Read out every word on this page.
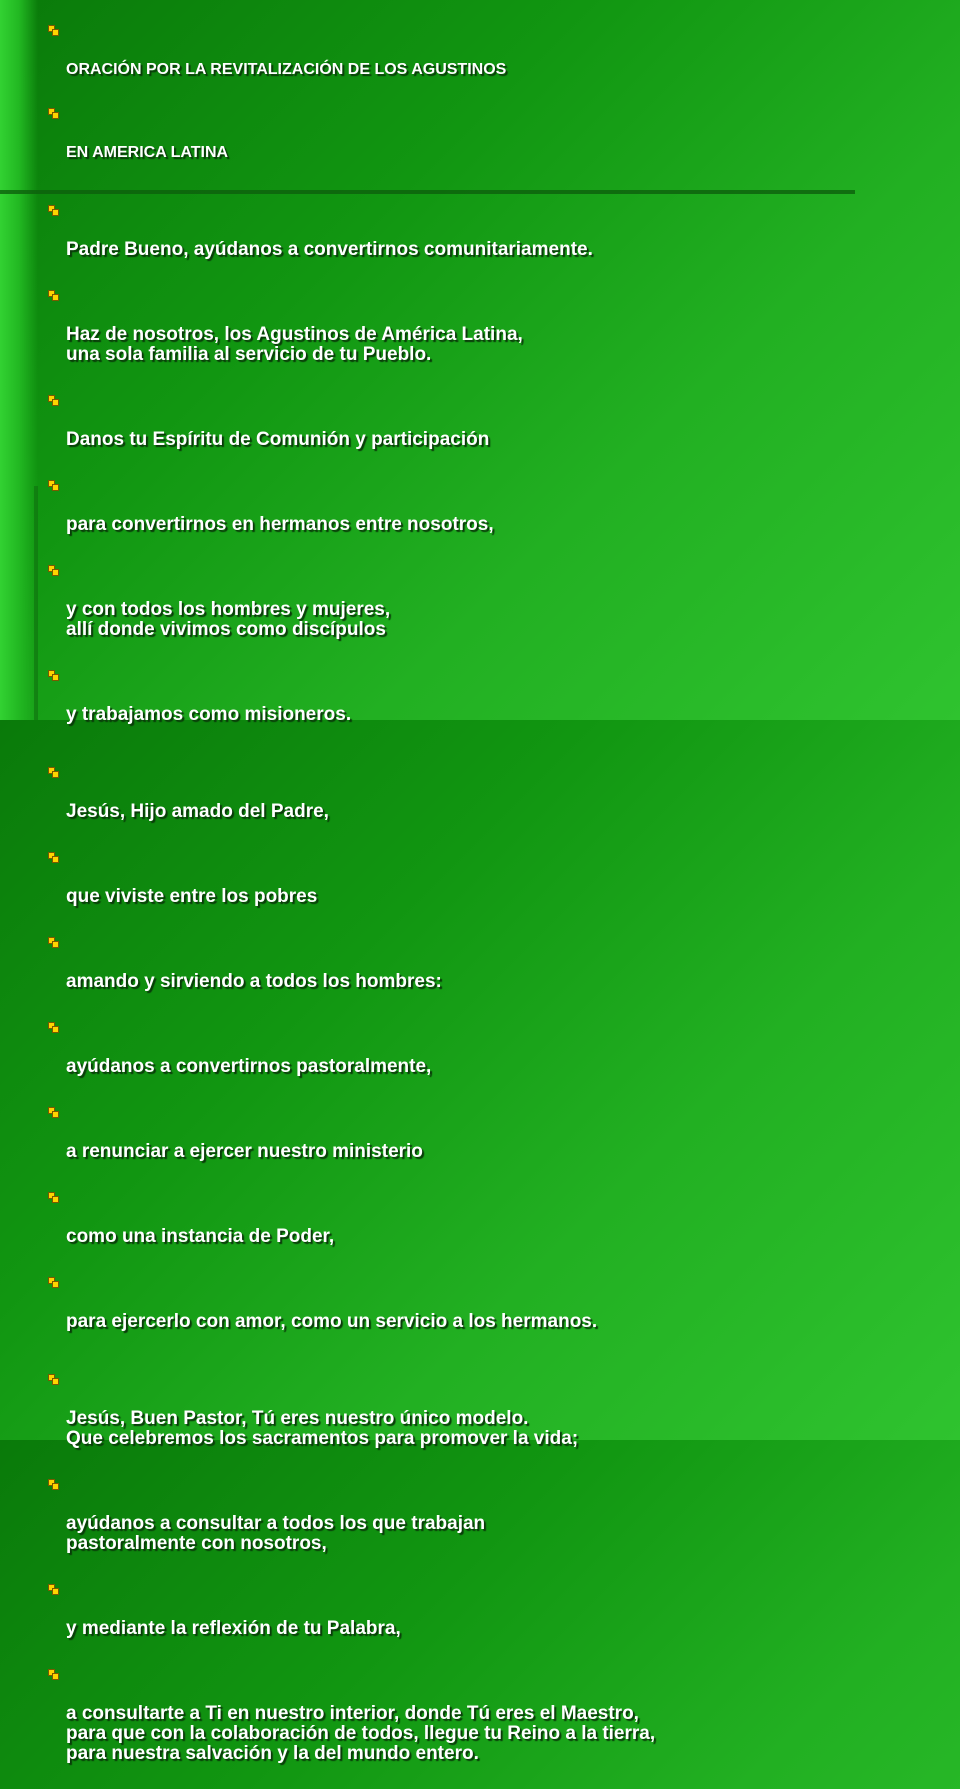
ORACIÓN POR LA REVITALIZACIÓN DE LOS AGUSTINOS

EN AMERICA LATINA

Padre Bueno, ayúdanos a convertirnos comunitariamente.

Haz de nosotros, los Agustinos de América Latina,
una sola familia al servicio de tu Pueblo.

Danos tu Espíritu de Comunión y participación

para convertirnos en hermanos entre nosotros,

y con todos los hombres y mujeres,
allí donde vivimos como discípulos

y trabajamos como misioneros.

Jesús, Hijo amado del Padre,

que viviste entre los pobres

amando y sirviendo a todos los hombres:

ayúdanos a convertirnos pastoralmente,

a renunciar a ejercer nuestro ministerio

como una instancia de Poder,

para ejercerlo con amor, como un servicio a los hermanos.

Jesús, Buen Pastor, Tú eres nuestro único modelo.
Que celebremos los sacramentos para promover la vida;

ayúdanos a consultar a todos los que trabajan
pastoralmente con nosotros,

y mediante la reflexión de tu Palabra,

a consultarte a Ti en nuestro interior, donde Tú eres el Maestro,
para que con la colaboración de todos, llegue tu Reino a la tierra,
para nuestra salvación y la del mundo entero.
